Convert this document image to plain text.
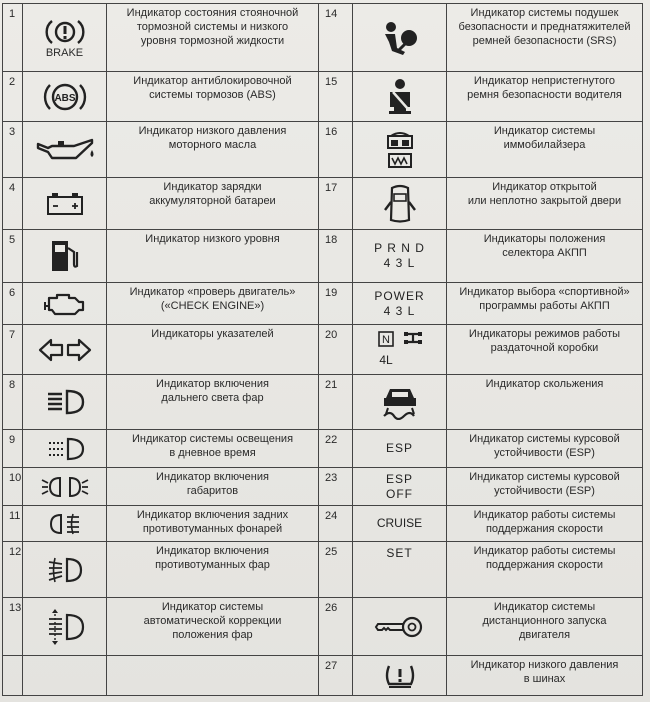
1	BRAKE	Индикатор состояния стояночной
тормозной системы и низкого
уровня тормозной жидкости	14		Индикатор системы подушек
безопасности и преднатяжителей
ремней безопасности (SRS)

2	ABS	Индикатор антиблокировочной
системы тормозов (ABS)	15		Индикатор непристегнутого
ремня безопасности водителя

3		Индикатор низкого давления
моторного масла	16		Индикатор системы
иммобилайзера

4		Индикатор зарядки
аккумуляторной батареи	17		Индикатор открытой
или неплотно закрытой двери

5		Индикатор низкого уровня	18	P R N D
4 3 L	Индикаторы положения
селектора АКПП

6		Индикатор «проверь двигатель»
(«CHECK ENGINE»)	19	POWER
4 3 L	Индикатор выбора «спортивной»
программы работы АКПП

7		Индикаторы указателей	20	N
4L	Индикаторы режимов работы
раздаточной коробки

8		Индикатор включения
дальнего света фар	21		Индикатор скольжения

9		Индикатор системы освещения
в дневное время	22	ESP	Индикатор системы курсовой
устойчивости (ESP)

10		Индикатор включения
габаритов	23	ESP
OFF	Индикатор системы курсовой
устойчивости (ESP)

11		Индикатор включения задних
противотуманных фонарей	24	CRUISE	Индикатор работы системы
поддержания скорости

12		Индикатор включения
противотуманных фар	25	SET	Индикатор работы системы
поддержания скорости

13		Индикатор системы
автоматической коррекции
положения фар	26		Индикатор системы
дистанционного запуска
двигателя

			27		Индикатор низкого давления
в шинах
